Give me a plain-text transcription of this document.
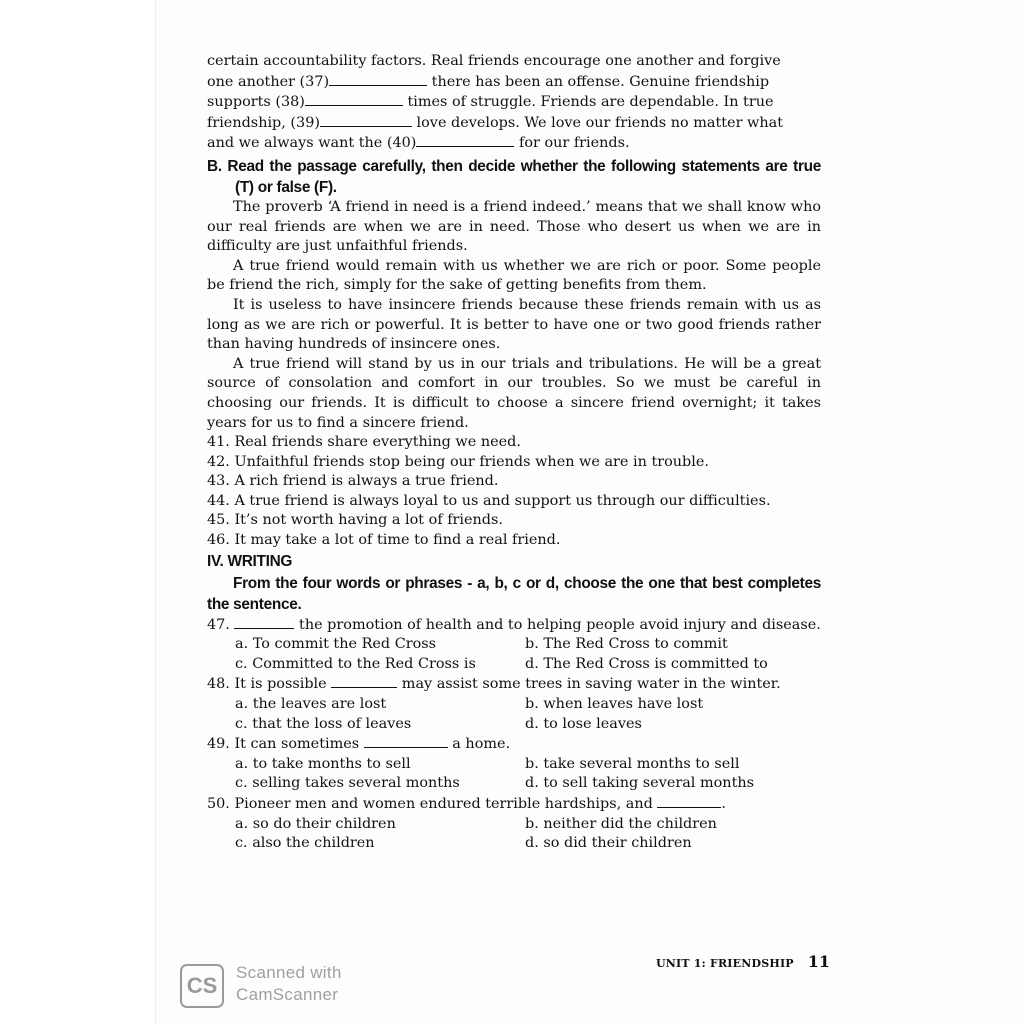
certain accountability factors. Real friends encourage one another and forgive
one another (37)	there has been an offense. Genuine friendship
supports (38)	times of struggle. Friends are dependable. In true
friendship, (39)	love develops. We love our friends no matter what
and we always want the (40)	for our friends.

B. Read the passage carefully, then decide whether the following statements are true (T) or false (F).

The proverb ‘A friend in need is a friend indeed.’ means that we shall know who our real friends are when we are in need. Those who desert us when we are in difficulty are just unfaithful friends.

A true friend would remain with us whether we are rich or poor. Some people be friend the rich, simply for the sake of getting benefits from them.

It is useless to have insincere friends because these friends remain with us as long as we are rich or powerful. It is better to have one or two good friends rather than having hundreds of insincere ones.

A true friend will stand by us in our trials and tribulations. He will be a great source of consolation and comfort in our troubles. So we must be careful in choosing our friends. It is difficult to choose a sincere friend overnight; it takes years for us to find a sincere friend.

41. Real friends share everything we need.

42. Unfaithful friends stop being our friends when we are in trouble.

43. A rich friend is always a true friend.

44. A true friend is always loyal to us and support us through our difficulties.

45. It’s not worth having a lot of friends.

46. It may take a lot of time to find a real friend.

IV. WRITING

From the four words or phrases - a, b, c or d, choose the one that best completes the sentence.

47.	the promotion of health and to helping people avoid injury and disease.

a. To commit the Red Cross	b. The Red Cross to commit
c. Committed to the Red Cross is	d. The Red Cross is committed to

48. It is possible	may assist some trees in saving water in the winter.

a. the leaves are lost	b. when leaves have lost
c. that the loss of leaves	d. to lose leaves

49. It can sometimes	a home.

a. to take months to sell	b. take several months to sell
c. selling takes several months	d. to sell taking several months

50. Pioneer men and women endured terrible hardships, and	.

a. so do their children	b. neither did the children
c. also the children	d. so did their children
UNIT 1: FRIENDSHIP 11
CS
Scanned with
CamScanner
